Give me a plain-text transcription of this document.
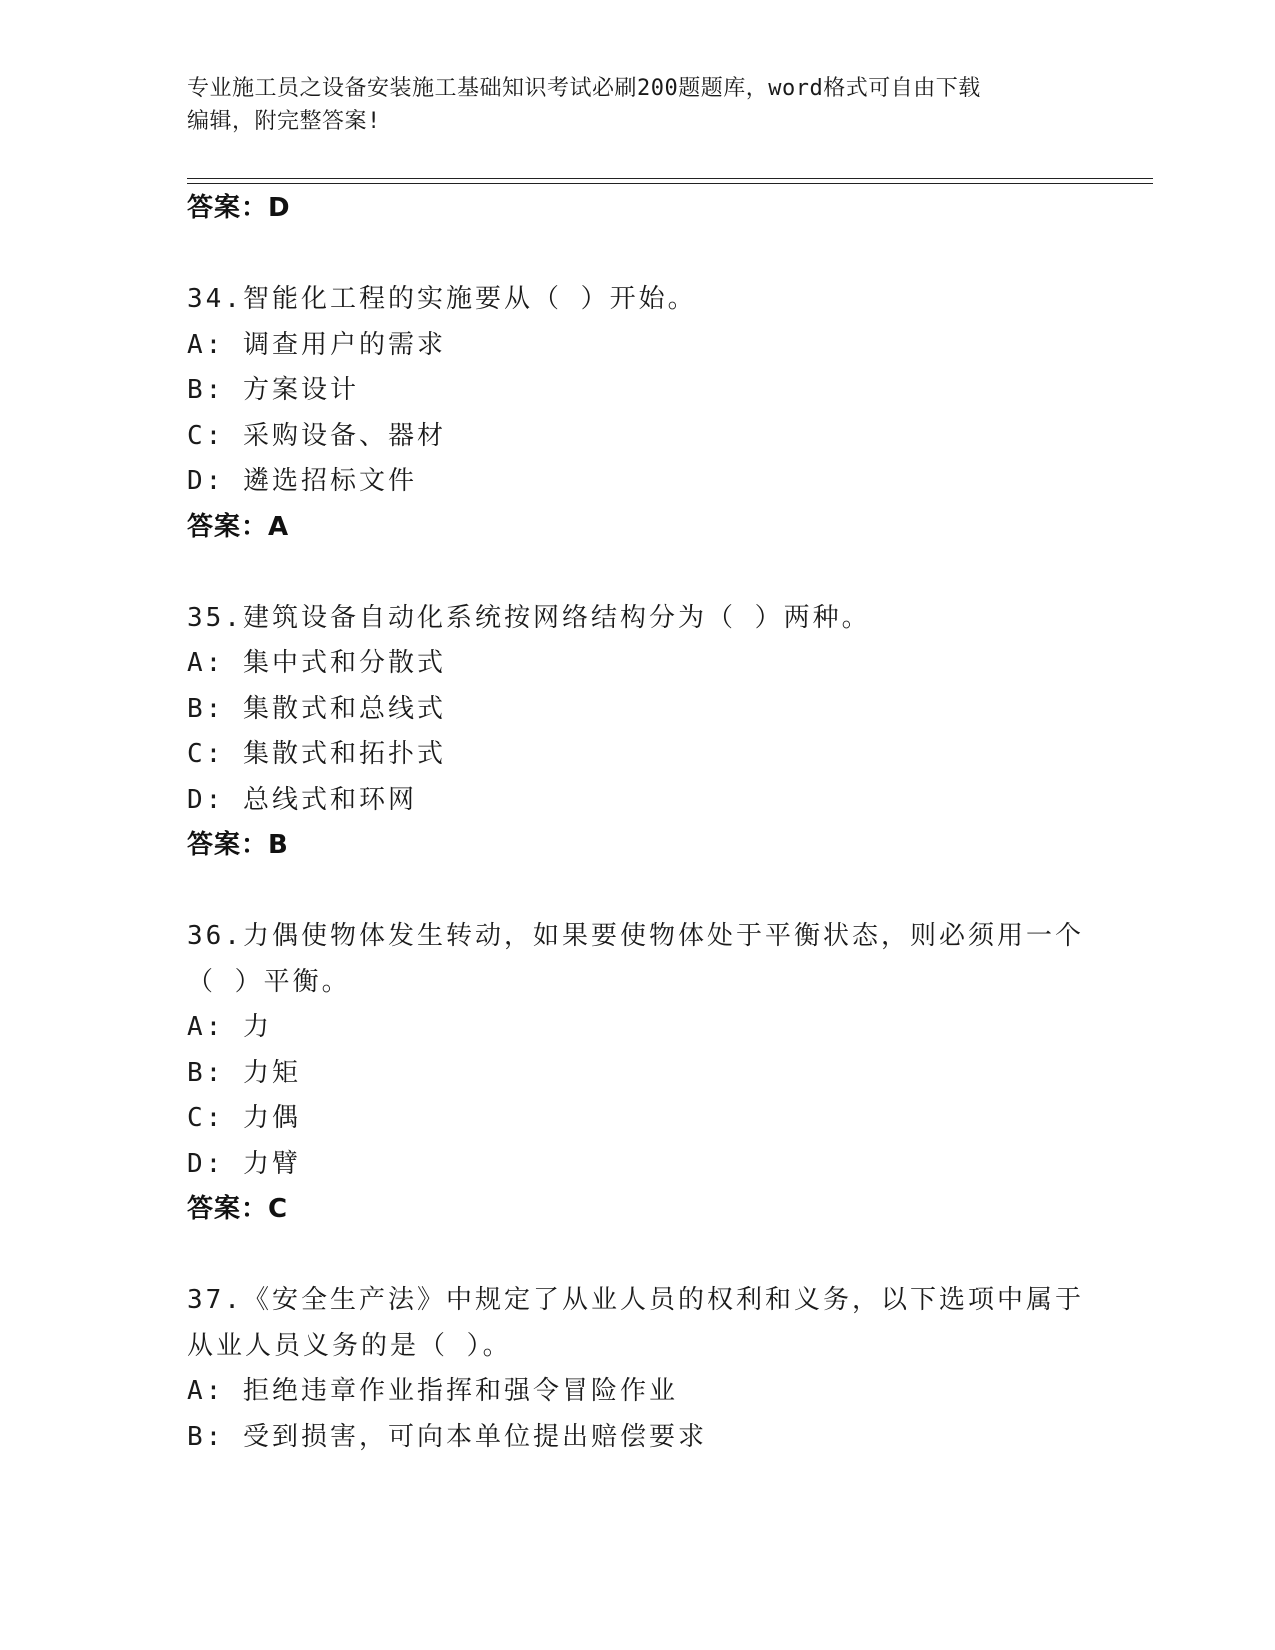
专业施工员之设备安装施工基础知识考试必刷200题题库，word格式可自由下载
编辑，附完整答案!
答案：D
34.智能化工程的实施要从（ ）开始。
A: 调查用户的需求
B: 方案设计
C: 采购设备、器材
D: 遴选招标文件
答案：A
35.建筑设备自动化系统按网络结构分为（ ）两种。
A: 集中式和分散式
B: 集散式和总线式
C: 集散式和拓扑式
D: 总线式和环网
答案：B
36.力偶使物体发生转动，如果要使物体处于平衡状态，则必须用一个
（ ）平衡。
A: 力
B: 力矩
C: 力偶
D: 力臂
答案：C
37.《安全生产法》中规定了从业人员的权利和义务，以下选项中属于
从业人员义务的是（ ）。
A: 拒绝违章作业指挥和强令冒险作业
B: 受到损害，可向本单位提出赔偿要求
